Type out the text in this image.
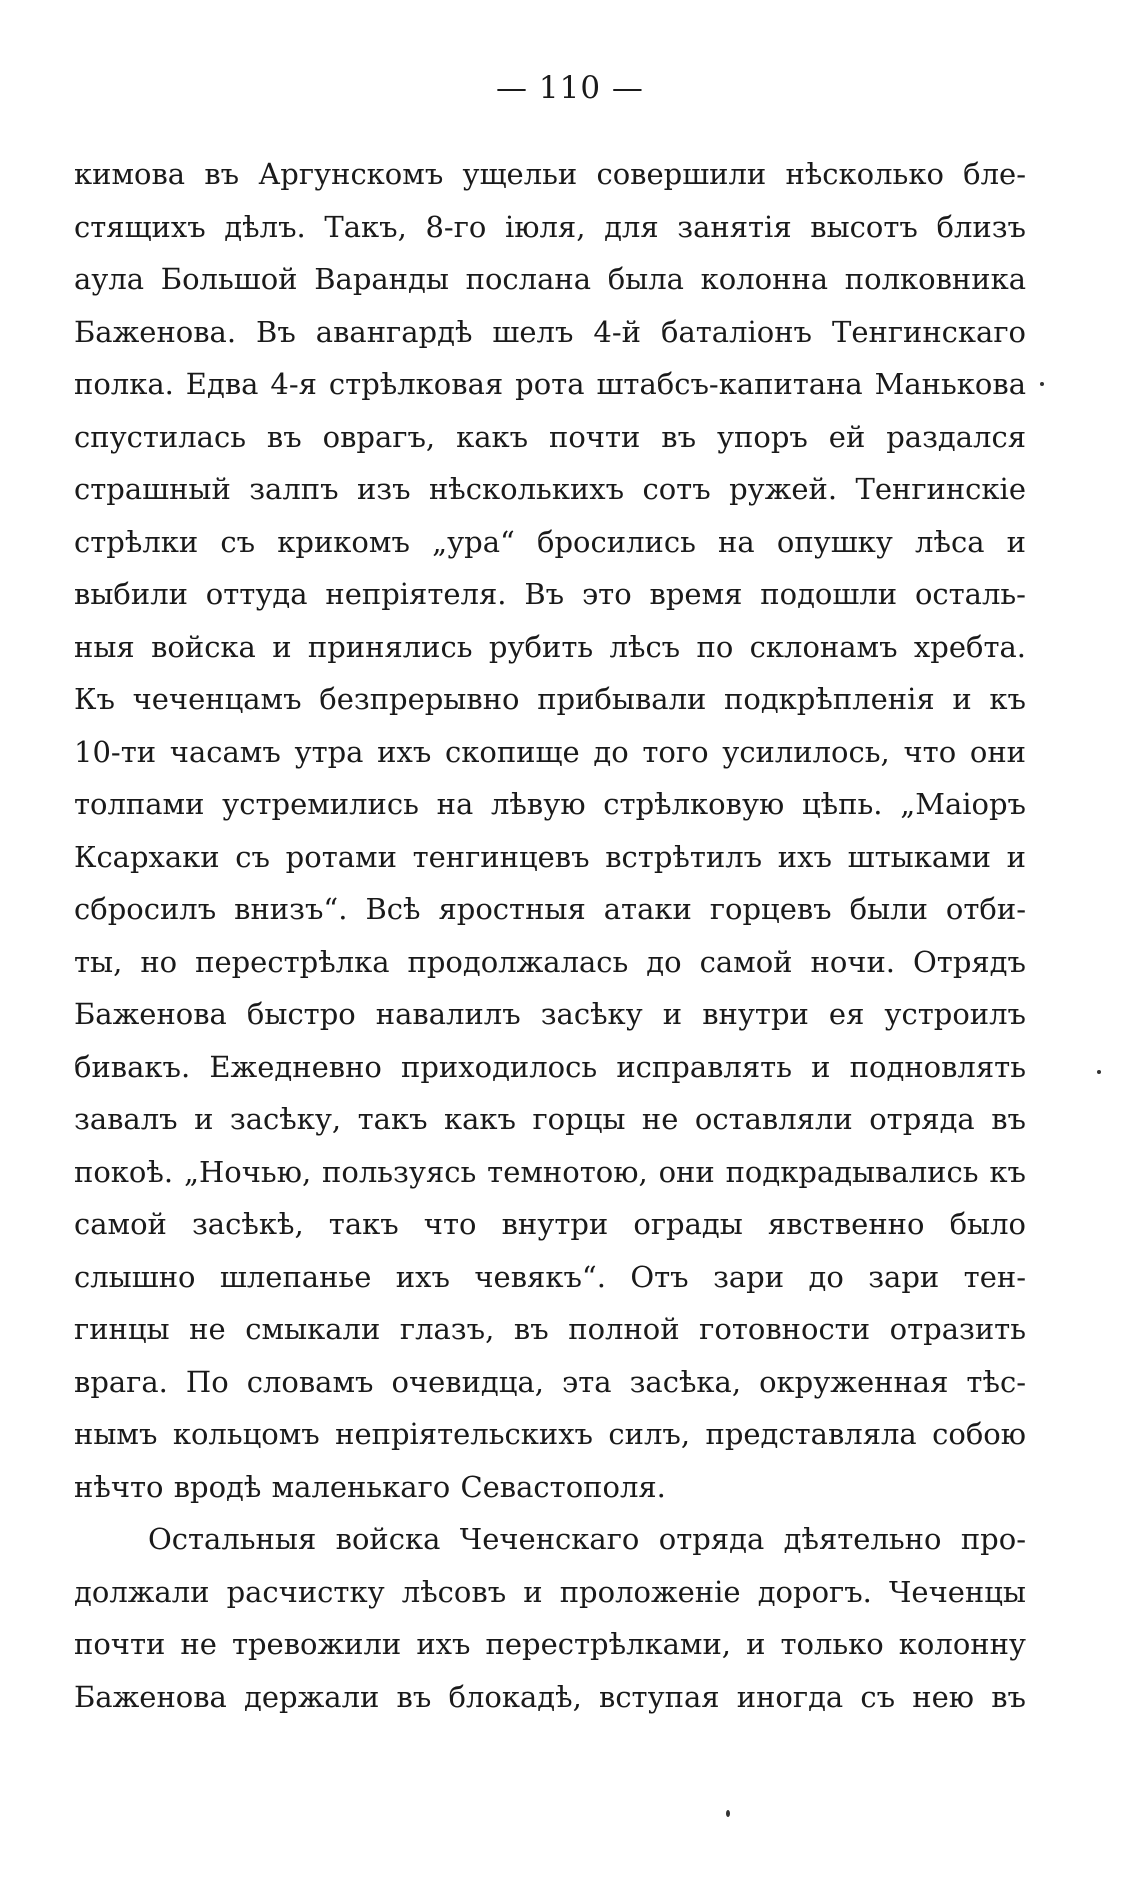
— 110 —
кимова въ Аргунскомъ ущельи совершили нѣсколько бле-
стящихъ дѣлъ. Такъ, 8-го іюля, для занятія высотъ близъ
аула Большой Варанды послана была колонна полковника
Баженова. Въ авангардѣ шелъ 4-й баталіонъ Тенгинскаго
полка. Едва 4-я стрѣлковая рота штабсъ-капитана Манькова
спустилась въ оврагъ, какъ почти въ упоръ ей раздался
страшный залпъ изъ нѣсколькихъ сотъ ружей. Тенгинскіе
стрѣлки съ крикомъ „ура“ бросились на опушку лѣса и
выбили оттуда непріятеля. Въ это время подошли осталь-
ныя войска и принялись рубить лѣсъ по склонамъ хребта.
Къ чеченцамъ безпрерывно прибывали подкрѣпленія и къ
10-ти часамъ утра ихъ скопище до того усилилось, что они
толпами устремились на лѣвую стрѣлковую цѣпь. „Маіоръ
Ксархаки съ ротами тенгинцевъ встрѣтилъ ихъ штыками и
сбросилъ внизъ“. Всѣ яростныя атаки горцевъ были отби-
ты, но перестрѣлка продолжалась до самой ночи. Отрядъ
Баженова быстро навалилъ засѣку и внутри ея устроилъ
бивакъ. Ежедневно приходилось исправлять и подновлять
завалъ и засѣку, такъ какъ горцы не оставляли отряда въ
покоѣ. „Ночью, пользуясь темнотою, они подкрадывались къ
самой засѣкѣ, такъ что внутри ограды явственно было
слышно шлепанье ихъ чевякъ“. Отъ зари до зари тен-
гинцы не смыкали глазъ, въ полной готовности отразить
врага. По словамъ очевидца, эта засѣка, окруженная тѣс-
нымъ кольцомъ непріятельскихъ силъ, представляла собою
нѣчто вродѣ маленькаго Севастополя.
Остальныя войска Чеченскаго отряда дѣятельно про-
должали расчистку лѣсовъ и проложеніе дорогъ. Чеченцы
почти не тревожили ихъ перестрѣлками, и только колонну
Баженова держали въ блокадѣ, вступая иногда съ нею въ
